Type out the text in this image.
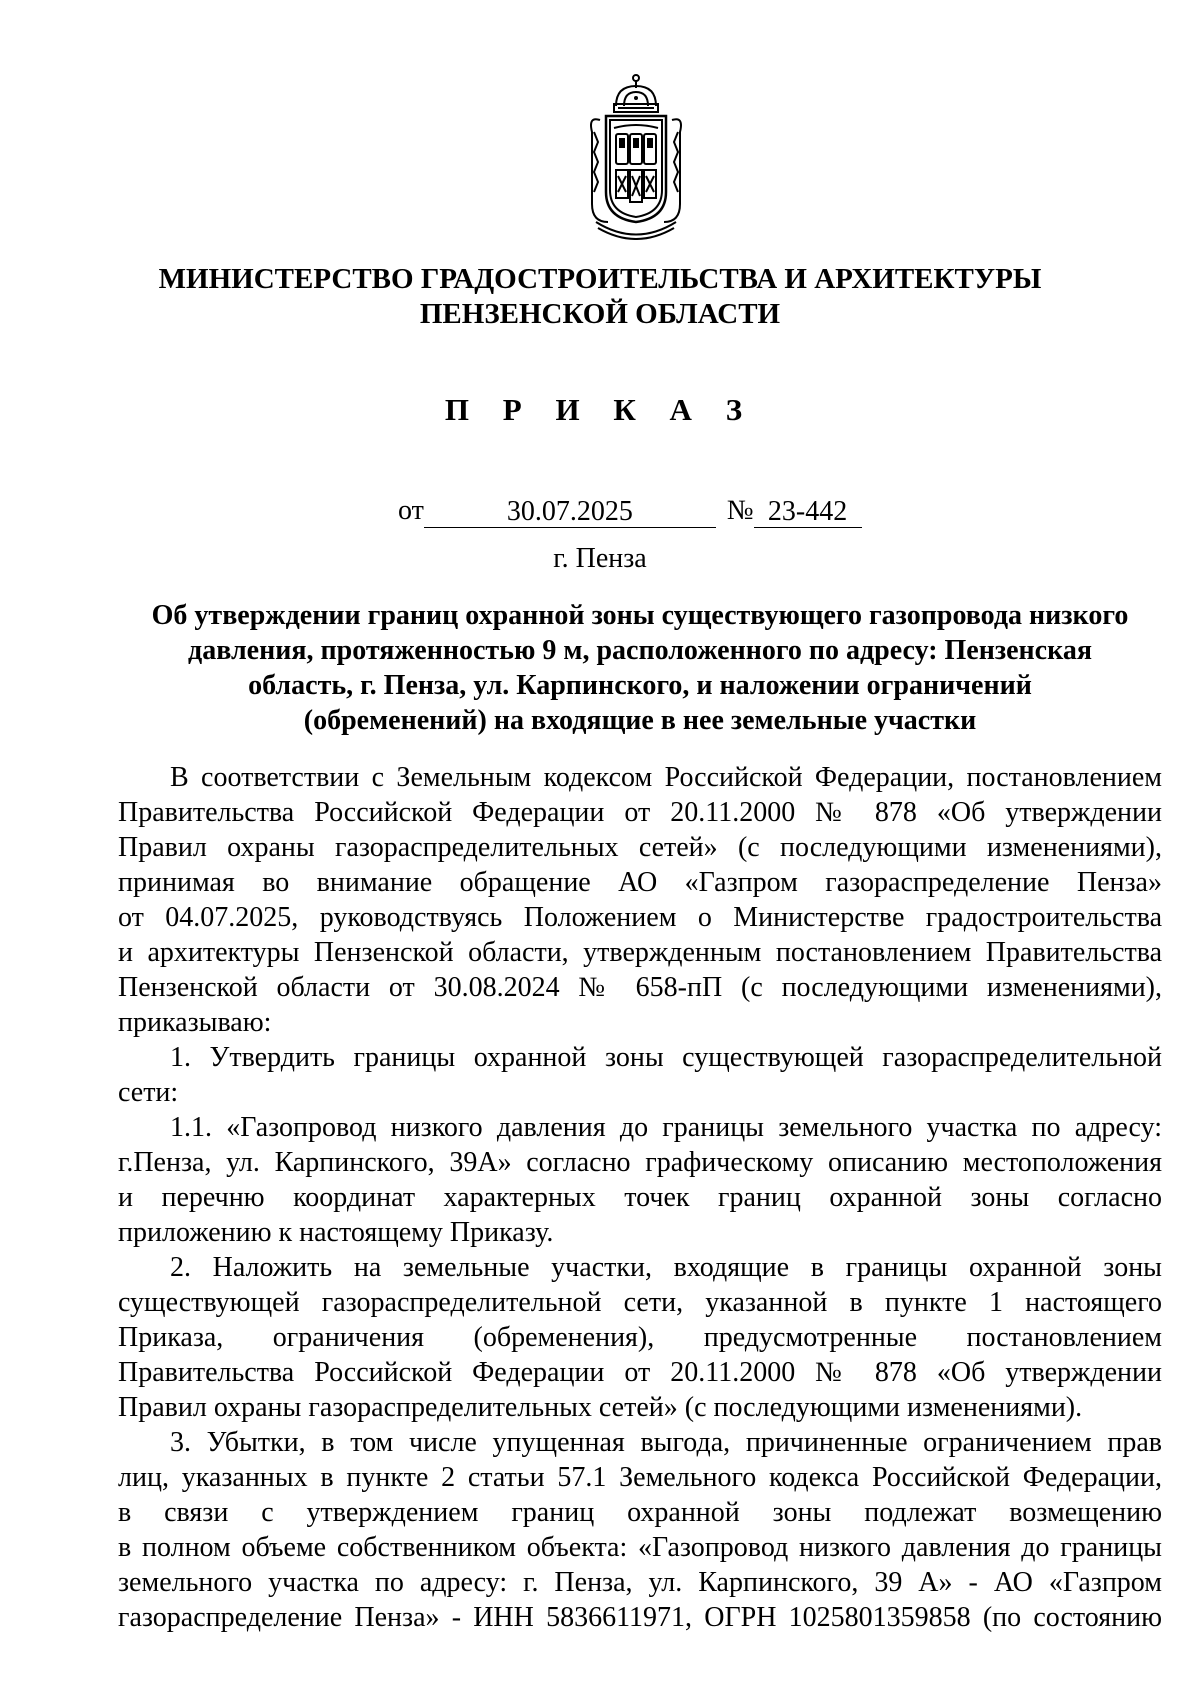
МИНИСТЕРСТВО ГРАДОСТРОИТЕЛЬСТВА И АРХИТЕКТУРЫ
ПЕНЗЕНСКОЙ ОБЛАСТИ
П Р И К А З
от	30.07.2025	№ 23-442
г. Пенза
Об утверждении границ охранной зоны существующего газопровода низкого
давления, протяженностью 9 м, расположенного по адресу: Пензенская
область, г. Пенза, ул. Карпинского, и наложении ограничений
(обременений) на входящие в нее земельные участки
В соответствии с Земельным кодексом Российской Федерации, постановлением
Правительства Российской Федерации от 20.11.2000 № 878 «Об утверждении
Правил охраны газораспределительных сетей» (с последующими изменениями),
принимая во внимание обращение АО «Газпром газораспределение Пенза»
от 04.07.2025, руководствуясь Положением о Министерстве градостроительства
и архитектуры Пензенской области, утвержденным постановлением Правительства
Пензенской области от 30.08.2024 № 658-пП (с последующими изменениями),
приказываю:
1. Утвердить границы охранной зоны существующей газораспределительной
сети:
1.1. «Газопровод низкого давления до границы земельного участка по адресу:
г.Пенза, ул. Карпинского, 39А» согласно графическому описанию местоположения
и перечню координат характерных точек границ охранной зоны согласно
приложению к настоящему Приказу.
2. Наложить на земельные участки, входящие в границы охранной зоны
существующей газораспределительной сети, указанной в пункте 1 настоящего
Приказа, ограничения (обременения), предусмотренные постановлением
Правительства Российской Федерации от 20.11.2000 № 878 «Об утверждении
Правил охраны газораспределительных сетей» (с последующими изменениями).
3. Убытки, в том числе упущенная выгода, причиненные ограничением прав
лиц, указанных в пункте 2 статьи 57.1 Земельного кодекса Российской Федерации,
в связи с утверждением границ охранной зоны подлежат возмещению
в полном объеме собственником объекта: «Газопровод низкого давления до границы
земельного участка по адресу: г. Пенза, ул. Карпинского, 39 А» - АО «Газпром
газораспределение Пенза» - ИНН 5836611971, ОГРН 1025801359858 (по состоянию
